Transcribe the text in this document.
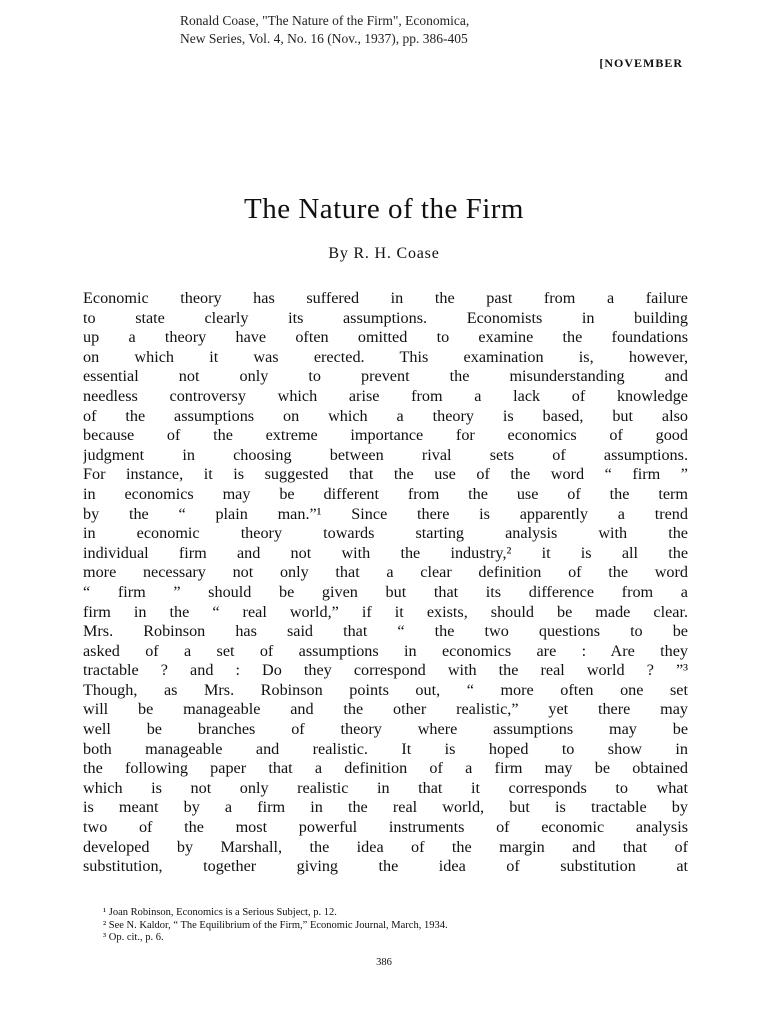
Ronald Coase, "The Nature of the Firm", Economica,
New Series, Vol. 4, No. 16 (Nov., 1937), pp. 386-405
[NOVEMBER
The Nature of the Firm
By R. H. Coase
Economic theory has suffered in the past from a failure
to state clearly its assumptions. Economists in building
up a theory have often omitted to examine the foundations
on which it was erected. This examination is, however,
essential not only to prevent the misunderstanding and
needless controversy which arise from a lack of knowledge
of the assumptions on which a theory is based, but also
because of the extreme importance for economics of good
judgment in choosing between rival sets of assumptions.
For instance, it is suggested that the use of the word “ firm ”
in economics may be different from the use of the term
by the “ plain man.”¹ Since there is apparently a trend
in economic theory towards starting analysis with the
individual firm and not with the industry,² it is all the
more necessary not only that a clear definition of the word
“ firm ” should be given but that its difference from a
firm in the “ real world,” if it exists, should be made clear.
Mrs. Robinson has said that “ the two questions to be
asked of a set of assumptions in economics are : Are they
tractable ? and : Do they correspond with the real world ? ”³
Though, as Mrs. Robinson points out, “ more often one set
will be manageable and the other realistic,” yet there may
well be branches of theory where assumptions may be
both manageable and realistic. It is hoped to show in
the following paper that a definition of a firm may be obtained
which is not only realistic in that it corresponds to what
is meant by a firm in the real world, but is tractable by
two of the most powerful instruments of economic analysis
developed by Marshall, the idea of the margin and that of
substitution, together giving the idea of substitution at
¹ Joan Robinson, Economics is a Serious Subject, p. 12.
² See N. Kaldor, “ The Equilibrium of the Firm,” Economic Journal, March, 1934.
³ Op. cit., p. 6.
386
